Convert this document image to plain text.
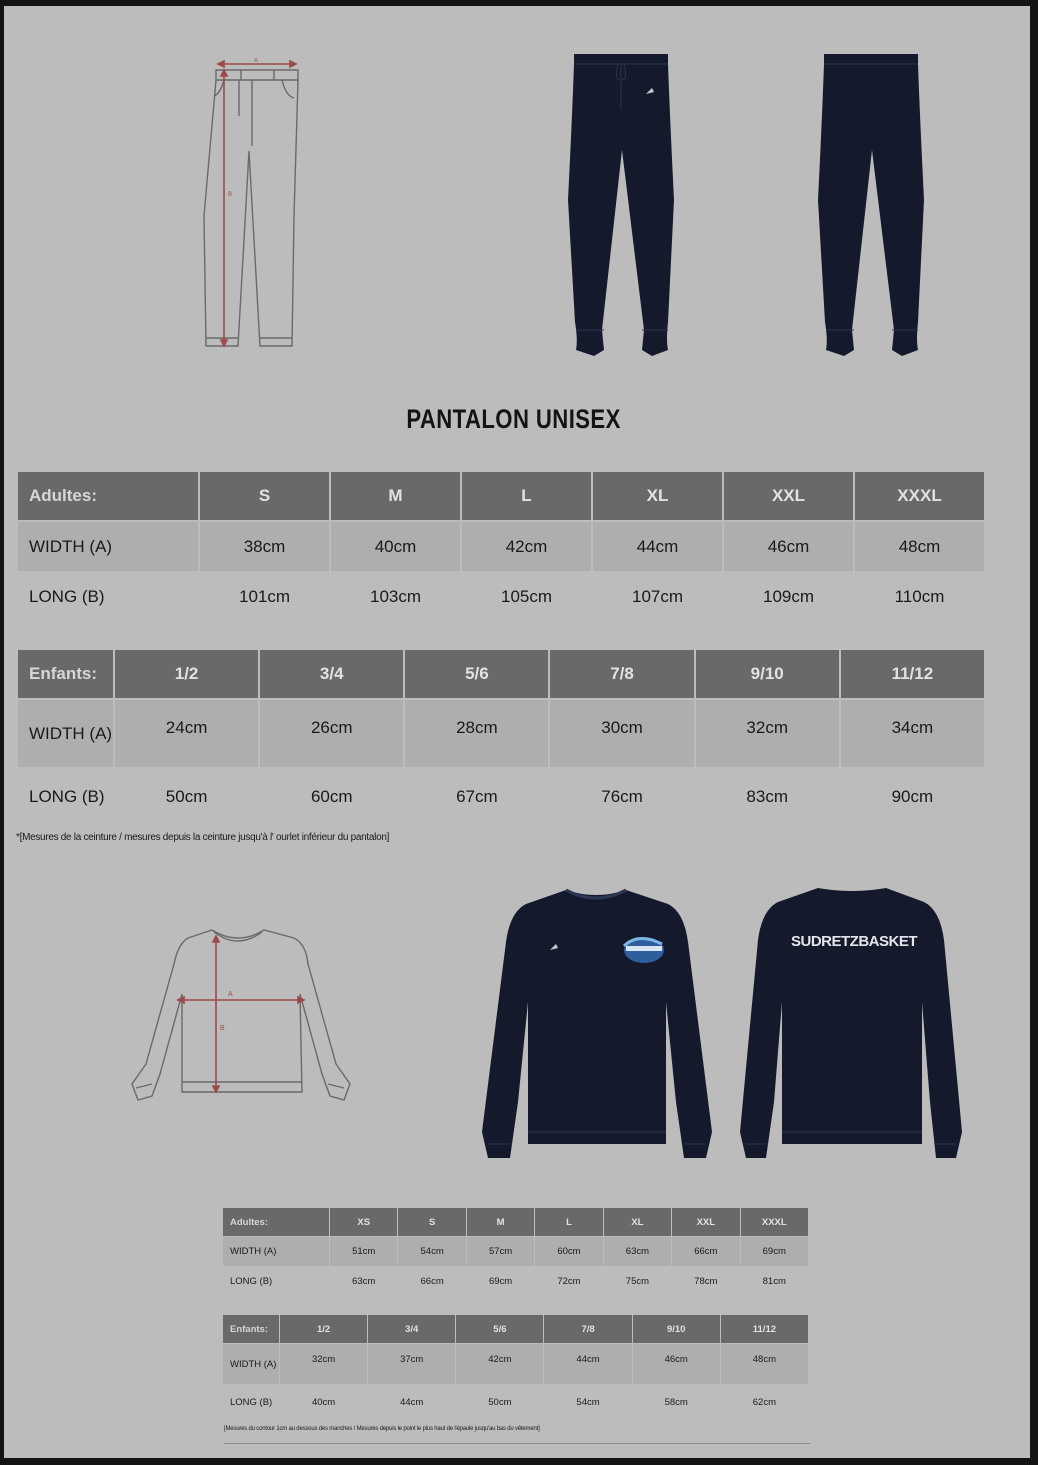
A
B
PANTALON UNISEX
Adultes:	S	M	L	XL	XXL	XXXL
WIDTH (A)	38cm	40cm	42cm	44cm	46cm	48cm
LONG (B)	101cm	103cm	105cm	107cm	109cm	110cm
Enfants:	1/2	3/4	5/6	7/8	9/10	11/12
WIDTH (A)	24cm	26cm	28cm	30cm	32cm	34cm
LONG (B)	50cm	60cm	67cm	76cm	83cm	90cm
*[Mesures de la ceinture / mesures depuis la ceinture jusqu'à l' ourlet inférieur du pantalon]
A
B
SUDRETZBASKET
Adultes:	XS	S	M	L	XL	XXL	XXXL
WIDTH (A)	51cm	54cm	57cm	60cm	63cm	66cm	69cm
LONG (B)	63cm	66cm	69cm	72cm	75cm	78cm	81cm
Enfants:	1/2	3/4	5/6	7/8	9/10	11/12
WIDTH (A)	32cm	37cm	42cm	44cm	46cm	48cm
LONG (B)	40cm	44cm	50cm	54cm	58cm	62cm
[Mesures du contour 1cm au dessous des manches / Mesures depuis le point le plus haut de l'épaule jusqu'au bas du vêtement]
